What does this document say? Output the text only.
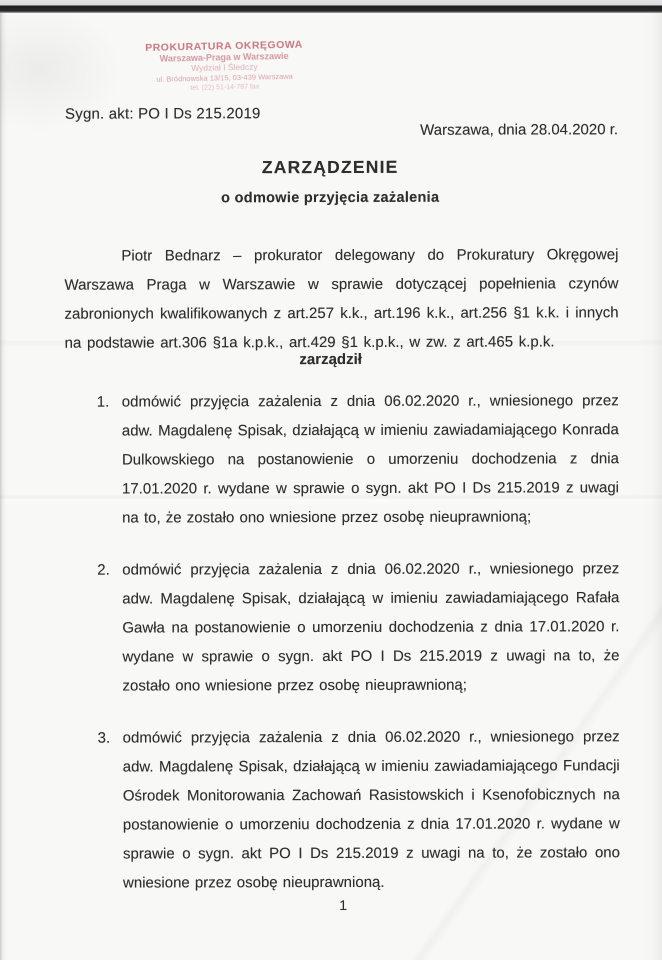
PROKURATURA OKRĘGOWA
Warszawa-Praga w Warszawie
Wydział I Śledczy
ul. Bródnowska 13/15, 03-439 Warszawa
tel. (22) 51-14-787 fax
Sygn. akt: PO I Ds 215.2019
Warszawa, dnia 28.04.2020 r.
ZARZĄDZENIE
o odmowie przyjęcia zażalenia

Piotr Bednarz – prokurator delegowany do Prokuratury Okręgowej Warszawa Praga w Warszawie w sprawie dotyczącej popełnienia czynów zabronionych kwalifikowanych z art.257 k.k., art.196 k.k., art.256 §1 k.k. i innych na podstawie art.306 §1a k.p.k., art.429 §1 k.p.k., w zw. z art.465 k.p.k.

zarządził
1. odmówić przyjęcia zażalenia z dnia 06.02.2020 r., wniesionego przez adw. Magdalenę Spisak, działającą w imieniu zawiadamiającego Konrada Dulkowskiego na postanowienie o umorzeniu dochodzenia z dnia 17.01.2020 r. wydane w sprawie o sygn. akt PO I Ds 215.2019 z uwagi na to, że zostało ono wniesione przez osobę nieuprawnioną;
2. odmówić przyjęcia zażalenia z dnia 06.02.2020 r., wniesionego przez adw. Magdalenę Spisak, działającą w imieniu zawiadamiającego Rafała Gawła na postanowienie o umorzeniu dochodzenia z dnia 17.01.2020 r. wydane w sprawie o sygn. akt PO I Ds 215.2019 z uwagi na to, że zostało ono wniesione przez osobę nieuprawnioną;
3. odmówić przyjęcia zażalenia z dnia 06.02.2020 r., wniesionego przez adw. Magdalenę Spisak, działającą w imieniu zawiadamiającego Fundacji Ośrodek Monitorowania Zachowań Rasistowskich i Ksenofobicznych na postanowienie o umorzeniu dochodzenia z dnia 17.01.2020 r. wydane w sprawie o sygn. akt PO I Ds 215.2019 z uwagi na to, że zostało ono wniesione przez osobę nieuprawnioną.
1
